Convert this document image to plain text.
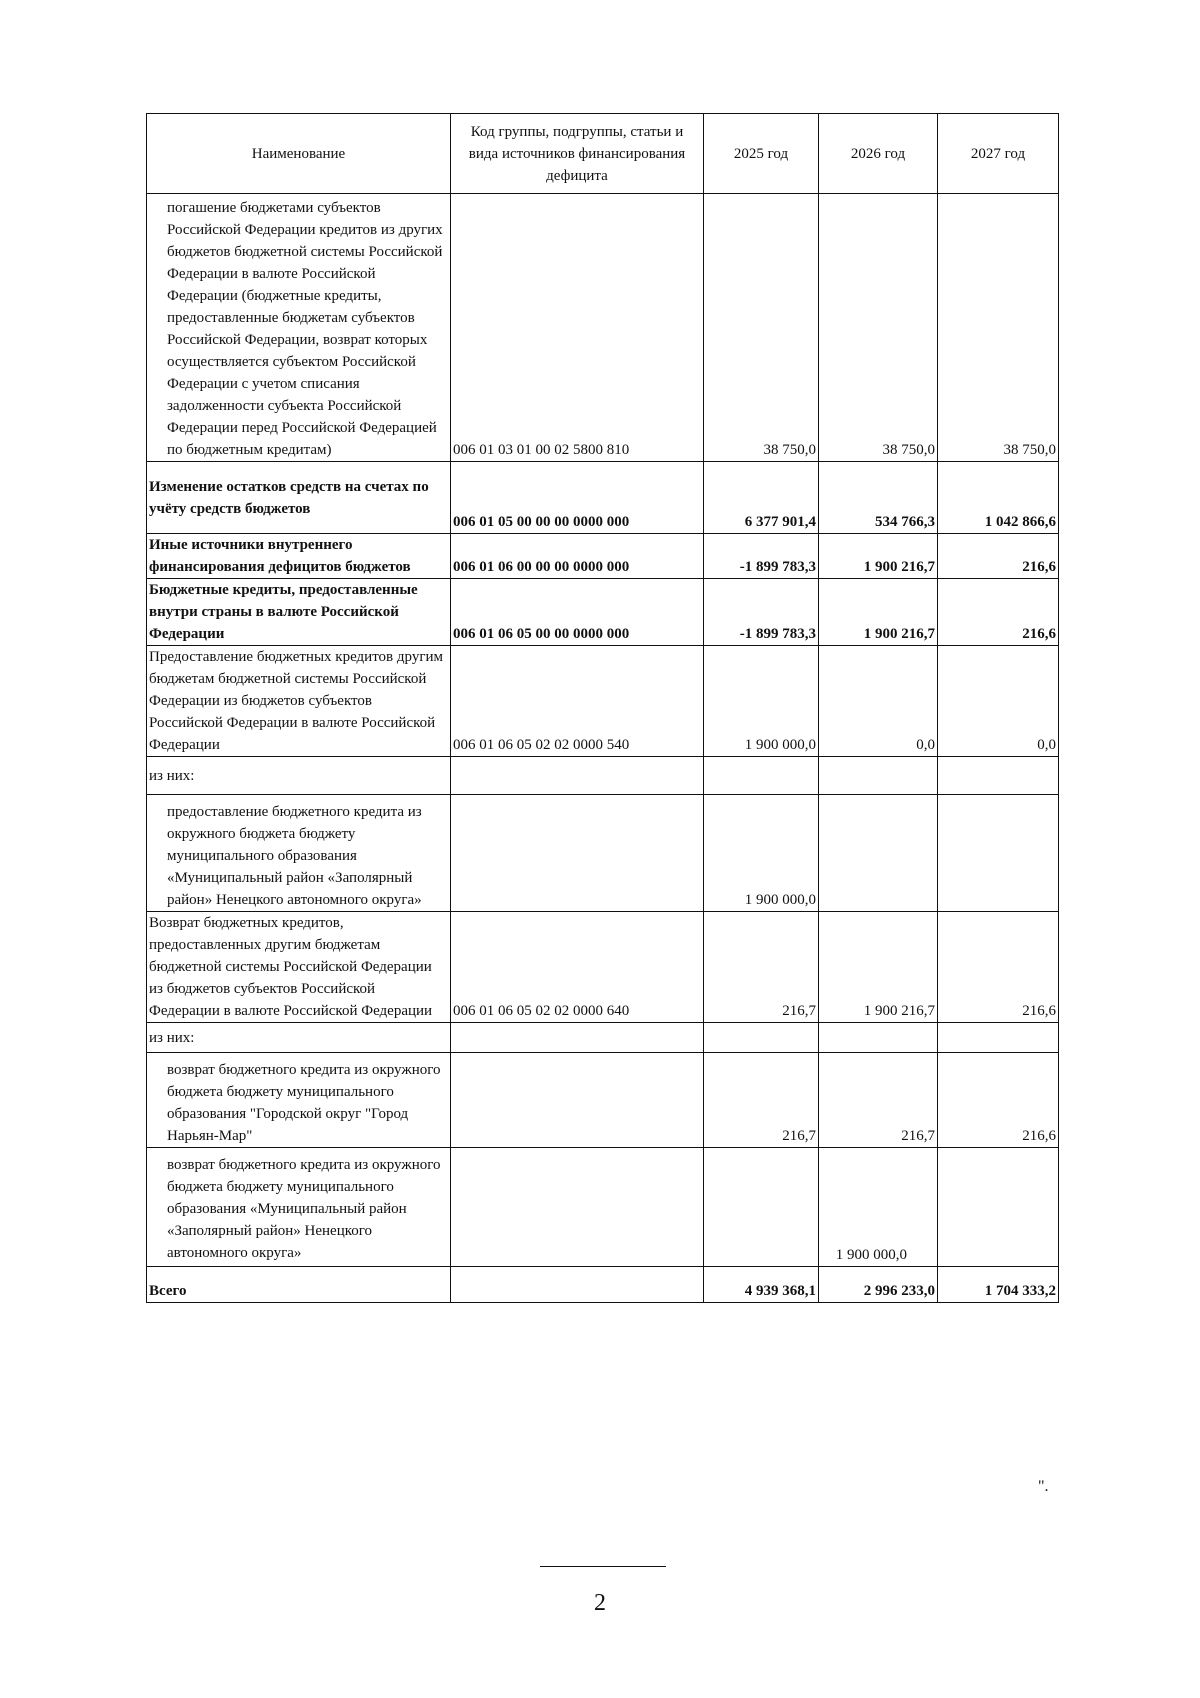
Наименование	Код группы, подгруппы, статьи и вида источников финансирования дефицита	2025 год	2026 год	2027 год
погашение бюджетами субъектов Российской Федерации кредитов из других бюджетов бюджетной системы Российской Федерации в валюте Российской Федерации (бюджетные кредиты, предоставленные бюджетам субъектов Российской Федерации, возврат которых осуществляется субъектом Российской Федерации с учетом списания задолженности субъекта Российской Федерации перед Российской Федерацией по бюджетным кредитам)	006 01 03 01 00 02 5800 810	38 750,0	38 750,0	38 750,0
Изменение остатков средств на счетах по учёту средств бюджетов	006 01 05 00 00 00 0000 000	6 377 901,4	534 766,3	1 042 866,6
Иные источники внутреннего финансирования дефицитов бюджетов	006 01 06 00 00 00 0000 000	-1 899 783,3	1 900 216,7	216,6
Бюджетные кредиты, предоставленные внутри страны в валюте Российской Федерации	006 01 06 05 00 00 0000 000	-1 899 783,3	1 900 216,7	216,6
Предоставление бюджетных кредитов другим бюджетам бюджетной системы Российской Федерации из бюджетов субъектов Российской Федерации в валюте Российской Федерации	006 01 06 05 02 02 0000 540	1 900 000,0	0,0	0,0
из них:				
предоставление бюджетного кредита из окружного бюджета бюджету муниципального образования «Муниципальный район «Заполярный район» Ненецкого автономного округа»		1 900 000,0		
Возврат бюджетных кредитов, предоставленных другим бюджетам бюджетной системы Российской Федерации из бюджетов субъектов Российской Федерации в валюте Российской Федерации	006 01 06 05 02 02 0000 640	216,7	1 900 216,7	216,6
из них:				
возврат бюджетного кредита из окружного бюджета бюджету муниципального образования "Городской округ "Город Нарьян-Мар"		216,7	216,7	216,6
возврат бюджетного кредита из окружного бюджета бюджету муниципального образования «Муниципальный район «Заполярный район» Ненецкого автономного округа»			1 900 000,0	
Всего		4 939 368,1	2 996 233,0	1 704 333,2
".
2
